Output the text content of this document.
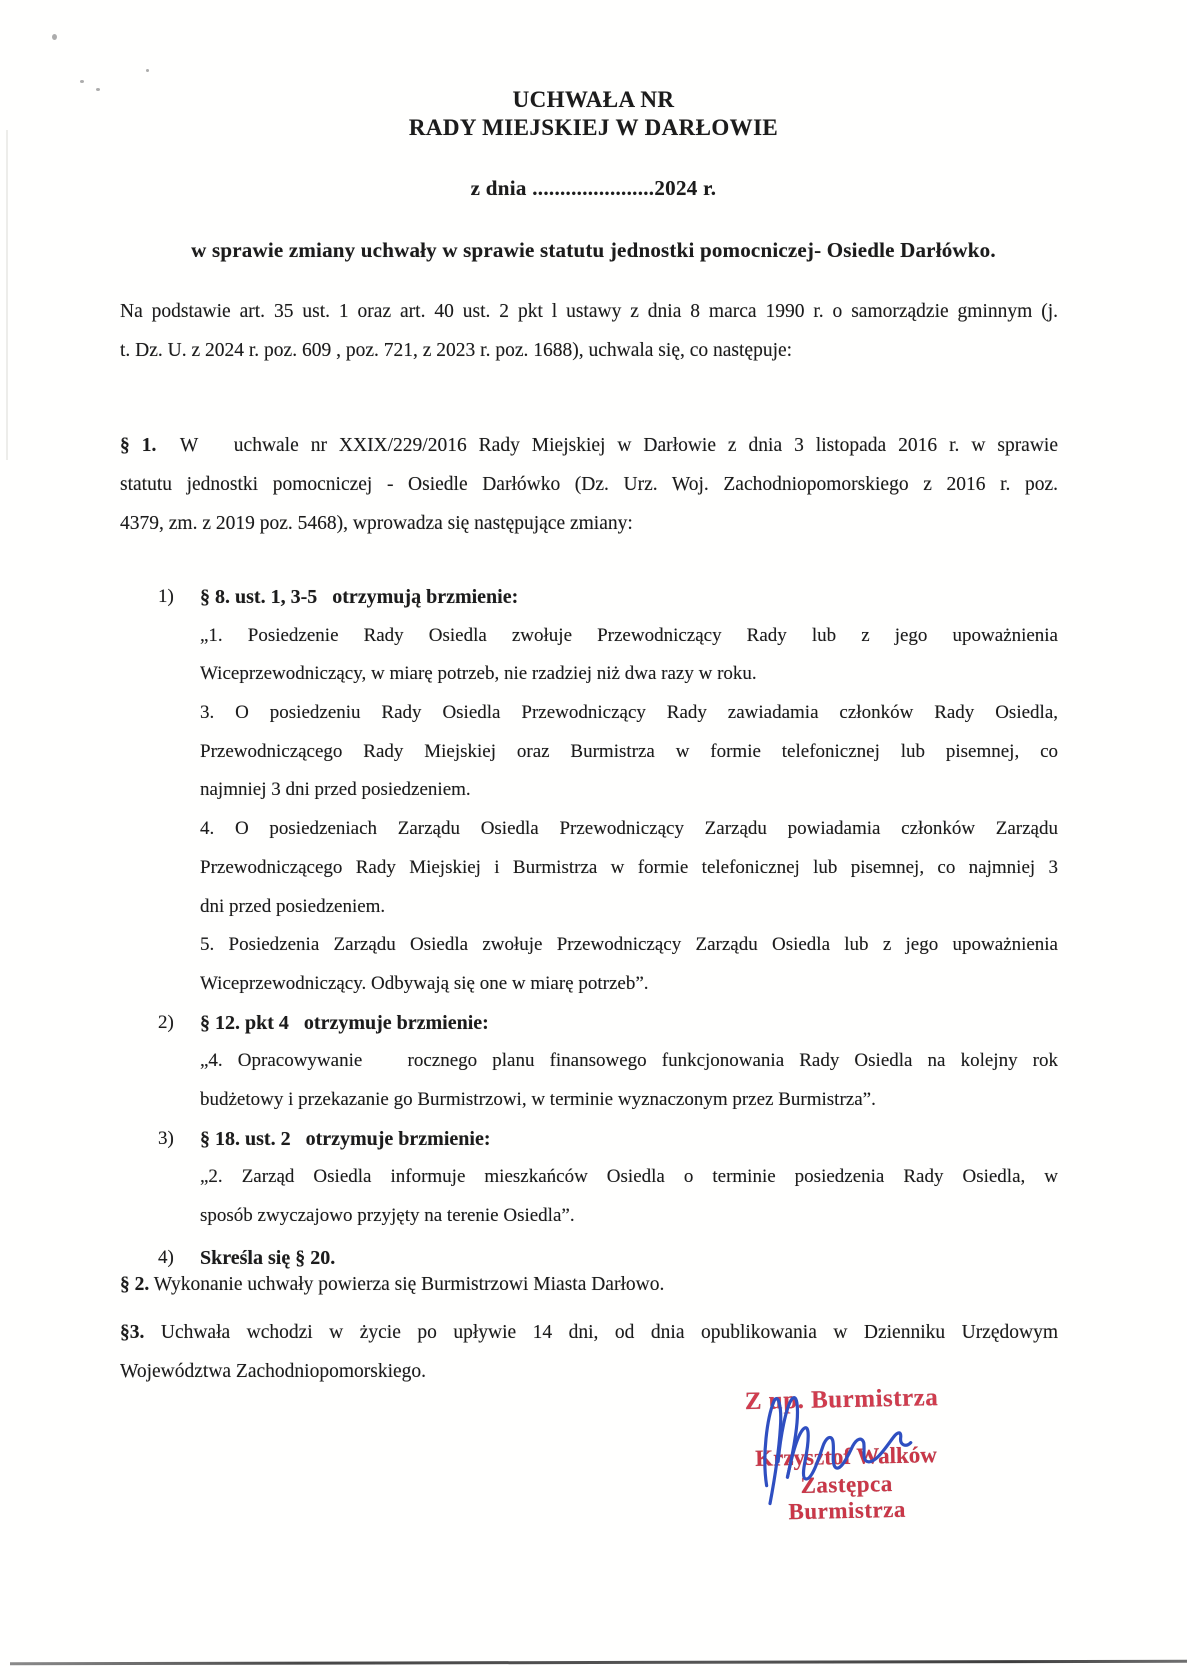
UCHWAŁA NR
RADY MIEJSKIEJ W DARŁOWIE
z dnia ......................2024 r.
w sprawie zmiany uchwały w sprawie statutu jednostki pomocniczej- Osiedle Darłówko.
Na podstawie art. 35 ust. 1 oraz art. 40 ust. 2 pkt l ustawy z dnia 8 marca 1990 r. o samorządzie gminnym (j.
t. Dz. U. z 2024 r. poz. 609 , poz. 721, z 2023 r. poz. 1688), uchwala się, co następuje:
§ 1.  W   uchwale nr XXIX/229/2016 Rady Miejskiej w Darłowie z dnia 3 listopada 2016 r. w sprawie
statutu jednostki pomocniczej - Osiedle Darłówko (Dz. Urz. Woj. Zachodniopomorskiego z 2016 r. poz.
4379, zm. z 2019 poz. 5468), wprowadza się następujące zmiany:
1) § 8. ust. 1, 3-5   otrzymują brzmienie:
„1.  Posiedzenie  Rady  Osiedla  zwołuje  Przewodniczący  Rady  lub  z  jego  upoważnienia
Wiceprzewodniczący, w miarę potrzeb, nie rzadziej niż dwa razy w roku.
3. O posiedzeniu Rady Osiedla Przewodniczący Rady zawiadamia członków Rady Osiedla,
Przewodniczącego Rady Miejskiej oraz Burmistrza w formie telefonicznej lub pisemnej, co
najmniej 3 dni przed posiedzeniem.
4. O posiedzeniach Zarządu Osiedla Przewodniczący Zarządu powiadamia członków Zarządu
Przewodniczącego Rady Miejskiej i Burmistrza w formie telefonicznej lub pisemnej, co najmniej 3
dni przed posiedzeniem.
5. Posiedzenia Zarządu Osiedla zwołuje Przewodniczący Zarządu Osiedla lub z jego upoważnienia
Wiceprzewodniczący. Odbywają się one w miarę potrzeb”.
2) § 12. pkt 4   otrzymuje brzmienie:
„4. Opracowywanie   rocznego planu finansowego funkcjonowania Rady Osiedla na kolejny rok
budżetowy i przekazanie go Burmistrzowi, w terminie wyznaczonym przez Burmistrza”.
3) § 18. ust. 2   otrzymuje brzmienie:
„2. Zarząd Osiedla informuje mieszkańców Osiedla o terminie posiedzenia Rady Osiedla, w
sposób zwyczajowo przyjęty na terenie Osiedla”.
4) Skreśla się § 20.
§ 2. Wykonanie uchwały powierza się Burmistrzowi Miasta Darłowo.
§3.  Uchwała  wchodzi  w  życie  po  upływie  14  dni,  od  dnia  opublikowania  w  Dzienniku  Urzędowym
Województwa Zachodniopomorskiego.
Z up. Burmistrza
Krzysztof Walków
Zastępca Burmistrza
